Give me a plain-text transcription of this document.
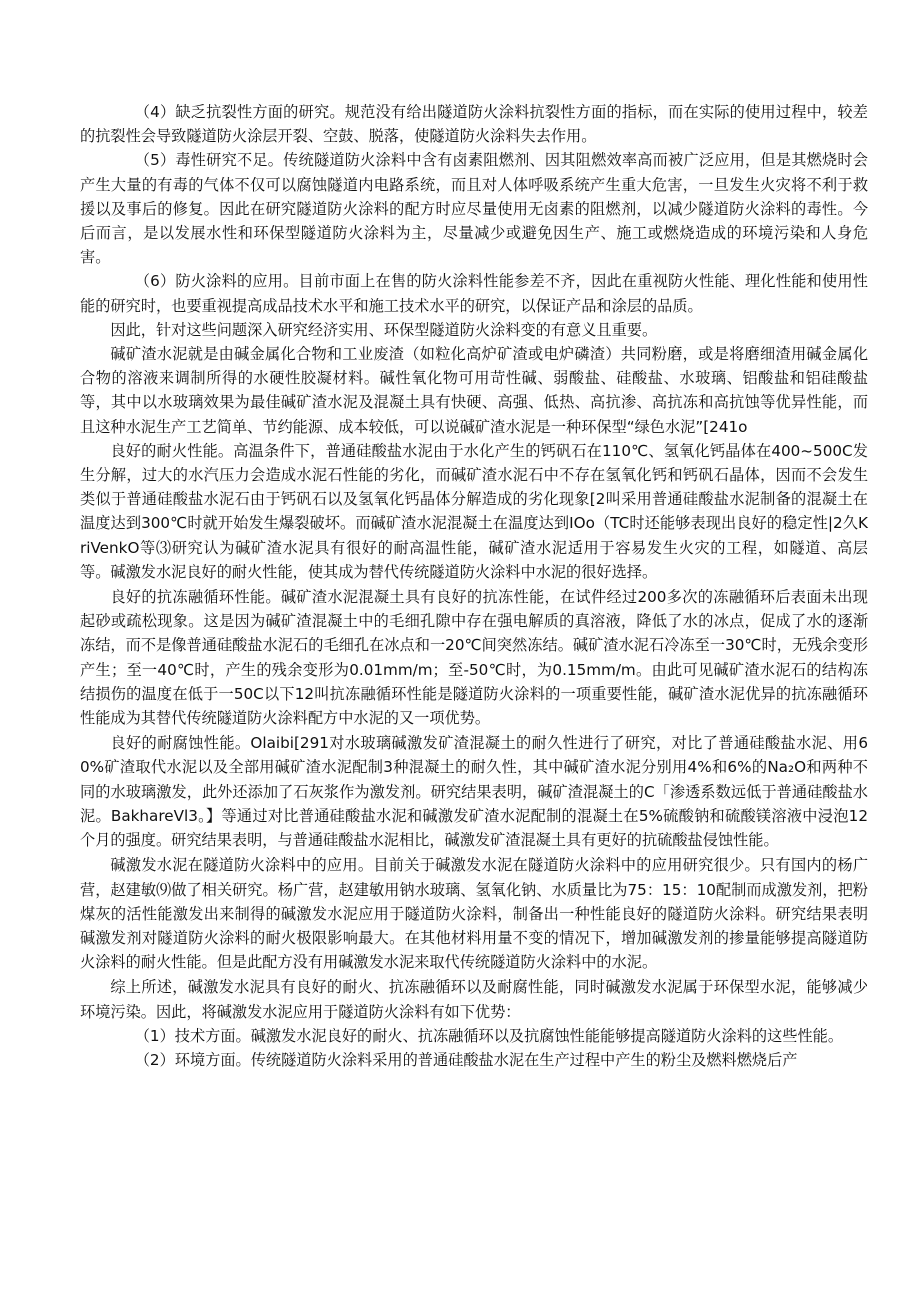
（4）缺乏抗裂性方面的研究。规范没有给出隧道防火涂料抗裂性方面的指标，而在实际的使用过程中，较差的抗裂性会导致隧道防火涂层开裂、空鼓、脱落，使隧道防火涂料失去作用。

（5）毒性研究不足。传统隧道防火涂料中含有卤素阻燃剂、因其阻燃效率高而被广泛应用，但是其燃烧时会产生大量的有毒的气体不仅可以腐蚀隧道内电路系统，而且对人体呼吸系统产生重大危害，一旦发生火灾将不利于救援以及事后的修复。因此在研究隧道防火涂料的配方时应尽量使用无卤素的阻燃剂，以减少隧道防火涂料的毒性。今后而言，是以发展水性和环保型隧道防火涂料为主，尽量减少或避免因生产、施工或燃烧造成的环境污染和人身危害。

（6）防火涂料的应用。目前市面上在售的防火涂料性能参差不齐，因此在重视防火性能、理化性能和使用性能的研究时，也要重视提高成品技术水平和施工技术水平的研究，以保证产品和涂层的品质。

因此，针对这些问题深入研究经济实用、环保型隧道防火涂料变的有意义且重要。

碱矿渣水泥就是由碱金属化合物和工业废渣（如粒化高炉矿渣或电炉磷渣）共同粉磨，或是将磨细渣用碱金属化合物的溶液来调制所得的水硬性胶凝材料。碱性氧化物可用苛性碱、弱酸盐、硅酸盐、水玻璃、铝酸盐和铝硅酸盐等，其中以水玻璃效果为最佳碱矿渣水泥及混凝土具有快硬、高强、低热、高抗渗、高抗冻和高抗蚀等优异性能，而且这种水泥生产工艺简单、节约能源、成本较低，可以说碱矿渣水泥是一种环保型“绿色水泥”[241o

良好的耐火性能。高温条件下，普通硅酸盐水泥由于水化产生的钙矾石在110℃、氢氧化钙晶体在400~500C发生分解，过大的水汽压力会造成水泥石性能的劣化，而碱矿渣水泥石中不存在氢氧化钙和钙矾石晶体，因而不会发生类似于普通硅酸盐水泥石由于钙矾石以及氢氧化钙晶体分解造成的劣化现象[2叫采用普通硅酸盐水泥制备的混凝土在温度达到300℃时就开始发生爆裂破坏。而碱矿渣水泥混凝土在温度达到IOo（TC时还能够表现出良好的稳定性|2久KriVenkO等⑶研究认为碱矿渣水泥具有很好的耐高温性能，碱矿渣水泥适用于容易发生火灾的工程，如隧道、高层等。碱激发水泥良好的耐火性能，使其成为替代传统隧道防火涂料中水泥的很好选择。

良好的抗冻融循环性能。碱矿渣水泥混凝土具有良好的抗冻性能，在试件经过200多次的冻融循环后表面未出现起砂或疏松现象。这是因为碱矿渣混凝土中的毛细孔隙中存在强电解质的真溶液，降低了水的冰点，促成了水的逐渐冻结，而不是像普通硅酸盐水泥石的毛细孔在冰点和一20℃间突然冻结。碱矿渣水泥石冷冻至一30℃时，无残余变形产生；至一40℃时，产生的残余变形为0.01mm/m；至-50℃时，为0.15mm/m。由此可见碱矿渣水泥石的结构冻结损伤的温度在低于一50C以下12叫抗冻融循环性能是隧道防火涂料的一项重要性能，碱矿渣水泥优异的抗冻融循环性能成为其替代传统隧道防火涂料配方中水泥的又一项优势。

良好的耐腐蚀性能。Olaibi[291对水玻璃碱激发矿渣混凝土的耐久性进行了研究，对比了普通硅酸盐水泥、用60%矿渣取代水泥以及全部用碱矿渣水泥配制3种混凝土的耐久性，其中碱矿渣水泥分别用4%和6%的Na₂O和两种不同的水玻璃激发，此外还添加了石灰浆作为激发剂。研究结果表明，碱矿渣混凝土的C「渗透系数远低于普通硅酸盐水泥。BakhareVl3。】等通过对比普通硅酸盐水泥和碱激发矿渣水泥配制的混凝土在5%硫酸钠和硫酸镁溶液中浸泡12个月的强度。研究结果表明，与普通硅酸盐水泥相比，碱激发矿渣混凝土具有更好的抗硫酸盐侵蚀性能。

碱激发水泥在隧道防火涂料中的应用。目前关于碱激发水泥在隧道防火涂料中的应用研究很少。只有国内的杨广营，赵建敏⑼做了相关研究。杨广营，赵建敏用钠水玻璃、氢氧化钠、水质量比为75：15：10配制而成激发剂，把粉煤灰的活性能激发出来制得的碱激发水泥应用于隧道防火涂料，制备出一种性能良好的隧道防火涂料。研究结果表明碱激发剂对隧道防火涂料的耐火极限影响最大。在其他材料用量不变的情况下，增加碱激发剂的掺量能够提高隧道防火涂料的耐火性能。但是此配方没有用碱激发水泥来取代传统隧道防火涂料中的水泥。

综上所述，碱激发水泥具有良好的耐火、抗冻融循环以及耐腐性能，同时碱激发水泥属于环保型水泥，能够减少环境污染。因此，将碱激发水泥应用于隧道防火涂料有如下优势：

（1）技术方面。碱激发水泥良好的耐火、抗冻融循环以及抗腐蚀性能能够提高隧道防火涂料的这些性能。

（2）环境方面。传统隧道防火涂料采用的普通硅酸盐水泥在生产过程中产生的粉尘及燃料燃烧后产
